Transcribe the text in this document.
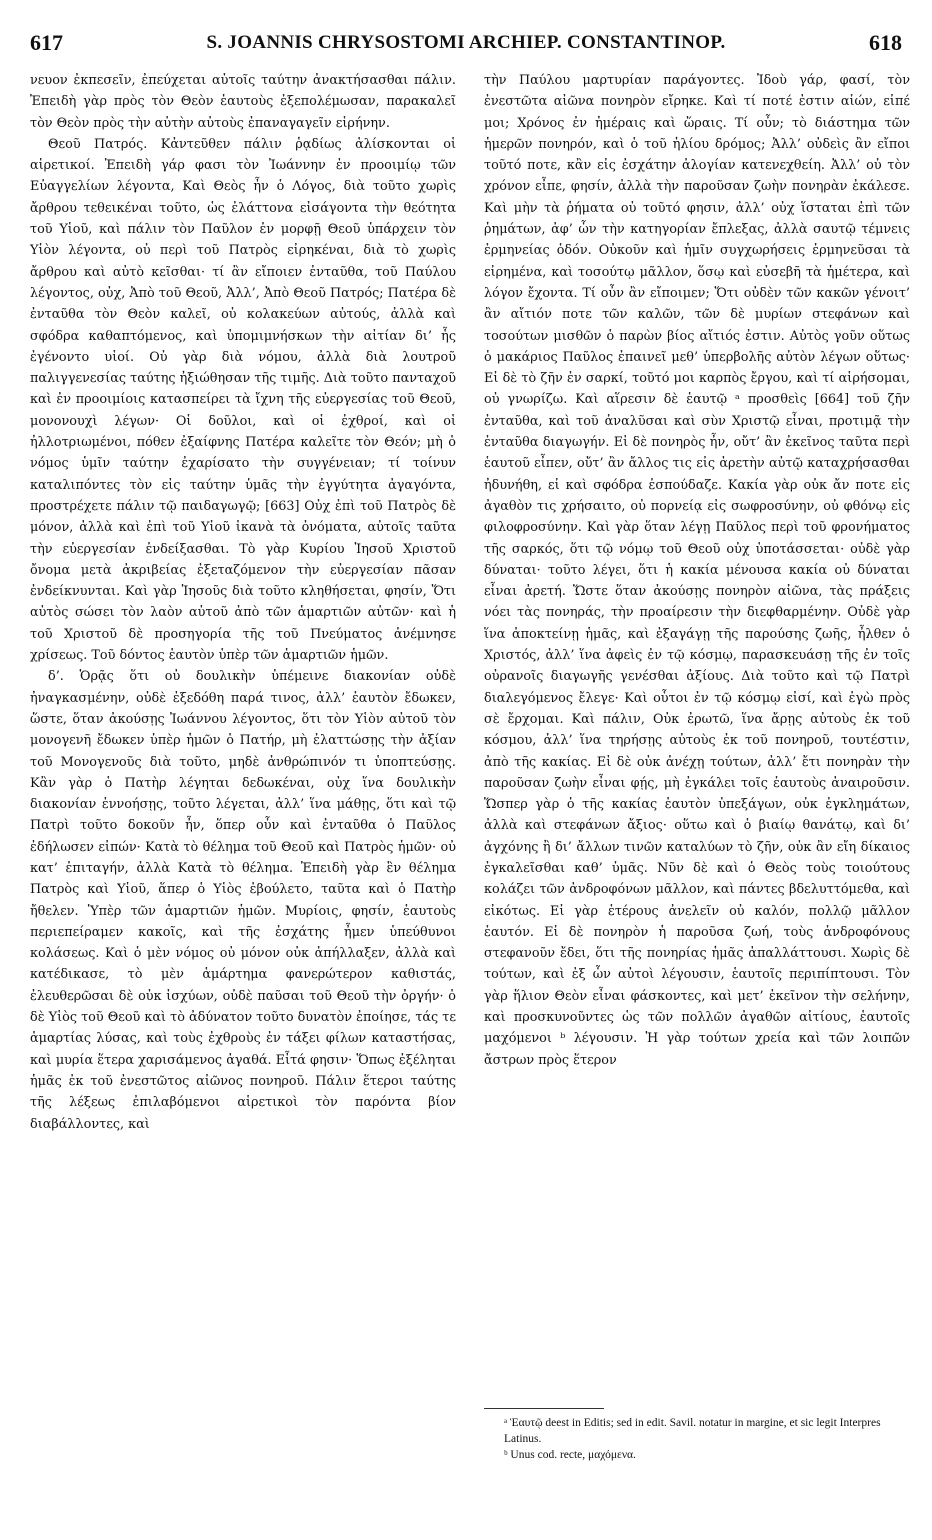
617	S. JOANNIS CHRYSOSTOMI ARCHIEP. CONSTANTINOP.	618

νευον ἐκπεσεῖν, ἐπεύχεται αὐτοῖς ταύτην ἀνακτήσασθαι πάλιν. Ἐπειδὴ γὰρ πρὸς τὸν Θεὸν ἑαυτοὺς ἐξεπολέμωσαν, παρακαλεῖ τὸν Θεὸν πρὸς τὴν αὐτὴν αὐτοὺς ἐπαναγαγεῖν εἰρήνην.

Θεοῦ Πατρός. Κἀντεῦθεν πάλιν ῥᾳδίως ἁλίσκονται οἱ αἱρετικοί. Ἐπειδὴ γάρ φασι τὸν Ἰωάννην ἐν προοιμίῳ τῶν Εὐαγγελίων λέγοντα, Καὶ Θεὸς ἦν ὁ Λόγος, διὰ τοῦτο χωρὶς ἄρθρου τεθεικέναι τοῦτο, ὡς ἐλάττονα εἰσάγοντα τὴν θεότητα τοῦ Υἱοῦ, καὶ πάλιν τὸν Παῦλον ἐν μορφῇ Θεοῦ ὑπάρχειν τὸν Υἱὸν λέγοντα, οὐ περὶ τοῦ Πατρὸς εἰρηκέναι, διὰ τὸ χωρὶς ἄρθρου καὶ αὐτὸ κεῖσθαι· τί ἂν εἴποιεν ἐνταῦθα, τοῦ Παύλου λέγοντος, οὐχ, Ἀπὸ τοῦ Θεοῦ, Ἀλλ’, Ἀπὸ Θεοῦ Πατρός; Πατέρα δὲ ἐνταῦθα τὸν Θεὸν καλεῖ, οὐ κολακεύων αὐτούς, ἀλλὰ καὶ σφόδρα καθαπτόμενος, καὶ ὑπομιμνήσκων τὴν αἰτίαν δι’ ἧς ἐγένοντο υἱοί. Οὐ γὰρ διὰ νόμου, ἀλλὰ διὰ λουτροῦ παλιγγενεσίας ταύτης ἠξιώθησαν τῆς τιμῆς. Διὰ τοῦτο πανταχοῦ καὶ ἐν προοιμίοις κατασπείρει τὰ ἴχνη τῆς εὐεργεσίας τοῦ Θεοῦ, μονονουχὶ λέγων· Οἱ δοῦλοι, καὶ οἱ ἐχθροί, καὶ οἱ ἠλλοτριωμένοι, πόθεν ἐξαίφνης Πατέρα καλεῖτε τὸν Θεόν; μὴ ὁ νόμος ὑμῖν ταύτην ἐχαρίσατο τὴν συγγένειαν; τί τοίνυν καταλιπόντες τὸν εἰς ταύτην ὑμᾶς τὴν ἐγγύτητα ἀγαγόντα, προστρέχετε πάλιν τῷ παιδαγωγῷ; [663] Οὐχ ἐπὶ τοῦ Πατρὸς δὲ μόνον, ἀλλὰ καὶ ἐπὶ τοῦ Υἱοῦ ἱκανὰ τὰ ὀνόματα, αὐτοῖς ταῦτα τὴν εὐεργεσίαν ἐνδείξασθαι. Τὸ γὰρ Κυρίου Ἰησοῦ Χριστοῦ ὄνομα μετὰ ἀκριβείας ἐξεταζόμενον τὴν εὐεργεσίαν πᾶσαν ἐνδείκνυνται. Καὶ γὰρ Ἰησοῦς διὰ τοῦτο κληθήσεται, φησίν, Ὅτι αὐτὸς σώσει τὸν λαὸν αὐτοῦ ἀπὸ τῶν ἁμαρτιῶν αὐτῶν· καὶ ἡ τοῦ Χριστοῦ δὲ προσηγορία τῆς τοῦ Πνεύματος ἀνέμνησε χρίσεως. Τοῦ δόντος ἑαυτὸν ὑπὲρ τῶν ἁμαρτιῶν ἡμῶν.

δ’. Ὁρᾷς ὅτι οὐ δουλικὴν ὑπέμεινε διακονίαν οὐδὲ ἠναγκασμένην, οὐδὲ ἐξεδόθη παρά τινος, ἀλλ’ ἑαυτὸν ἔδωκεν, ὥστε, ὅταν ἀκούσῃς Ἰωάννου λέγοντος, ὅτι τὸν Υἱὸν αὐτοῦ τὸν μονογενῆ ἔδωκεν ὑπὲρ ἡμῶν ὁ Πατήρ, μὴ ἐλαττώσῃς τὴν ἀξίαν τοῦ Μονογενοῦς διὰ τοῦτο, μηδὲ ἀνθρώπινόν τι ὑποπτεύσῃς. Κἂν γὰρ ὁ Πατὴρ λέγηται δεδωκέναι, οὐχ ἵνα δουλικὴν διακονίαν ἐννοήσῃς, τοῦτο λέγεται, ἀλλ’ ἵνα μάθῃς, ὅτι καὶ τῷ Πατρὶ τοῦτο δοκοῦν ἦν, ὅπερ οὖν καὶ ἐνταῦθα ὁ Παῦλος ἐδήλωσεν εἰπών· Κατὰ τὸ θέλημα τοῦ Θεοῦ καὶ Πατρὸς ἡμῶν· οὐ κατ’ ἐπιταγήν, ἀλλὰ Κατὰ τὸ θέλημα. Ἐπειδὴ γὰρ ἓν θέλημα Πατρὸς καὶ Υἱοῦ, ἅπερ ὁ Υἱὸς ἐβούλετο, ταῦτα καὶ ὁ Πατὴρ ἤθελεν. Ὑπὲρ τῶν ἁμαρτιῶν ἡμῶν. Μυρίοις, φησίν, ἑαυτοὺς περιεπείραμεν κακοῖς, καὶ τῆς ἐσχάτης ἦμεν ὑπεύθυνοι κολάσεως. Καὶ ὁ μὲν νόμος οὐ μόνον οὐκ ἀπήλλαξεν, ἀλλὰ καὶ κατέδικασε, τὸ μὲν ἁμάρτημα φανερώτερον καθιστάς, ἐλευθερῶσαι δὲ οὐκ ἰσχύων, οὐδὲ παῦσαι τοῦ Θεοῦ τὴν ὀργήν· ὁ δὲ Υἱὸς τοῦ Θεοῦ καὶ τὸ ἀδύνατον τοῦτο δυνατὸν ἐποίησε, τάς τε ἁμαρτίας λύσας, καὶ τοὺς ἐχθροὺς ἐν τάξει φίλων καταστήσας, καὶ μυρία ἕτερα χαρισάμενος ἀγαθά. Εἶτά φησιν· Ὅπως ἐξέληται ἡμᾶς ἐκ τοῦ ἐνεστῶτος αἰῶνος πονηροῦ. Πάλιν ἕτεροι ταύτης τῆς λέξεως ἐπιλαβόμενοι αἱρετικοὶ τὸν παρόντα βίον διαβάλλοντες, καὶ

τὴν Παύλου μαρτυρίαν παράγοντες. Ἰδοὺ γάρ, φασί, τὸν ἐνεστῶτα αἰῶνα πονηρὸν εἴρηκε. Καὶ τί ποτέ ἐστιν αἰών, εἰπέ μοι; Χρόνος ἐν ἡμέραις καὶ ὥραις. Τί οὖν; τὸ διάστημα τῶν ἡμερῶν πονηρόν, καὶ ὁ τοῦ ἡλίου δρόμος; Ἀλλ’ οὐδεὶς ἂν εἴποι τοῦτό ποτε, κἂν εἰς ἐσχάτην ἀλογίαν κατενεχθείη. Ἀλλ’ οὐ τὸν χρόνον εἶπε, φησίν, ἀλλὰ τὴν παροῦσαν ζωὴν πονηρὰν ἐκάλεσε. Καὶ μὴν τὰ ῥήματα οὐ τοῦτό φησιν, ἀλλ’ οὐχ ἵσταται ἐπὶ τῶν ῥημάτων, ἀφ’ ὧν τὴν κατηγορίαν ἔπλεξας, ἀλλὰ σαυτῷ τέμνεις ἑρμηνείας ὁδόν. Οὐκοῦν καὶ ἡμῖν συγχωρήσεις ἑρμηνεῦσαι τὰ εἰρημένα, καὶ τοσούτῳ μᾶλλον, ὅσῳ καὶ εὐσεβῆ τὰ ἡμέτερα, καὶ λόγον ἔχοντα. Τί οὖν ἂν εἴποιμεν; Ὅτι οὐδὲν τῶν κακῶν γένοιτ’ ἂν αἴτιόν ποτε τῶν καλῶν, τῶν δὲ μυρίων στεφάνων καὶ τοσούτων μισθῶν ὁ παρὼν βίος αἴτιός ἐστιν. Αὐτὸς γοῦν οὕτως ὁ μακάριος Παῦλος ἐπαινεῖ μεθ’ ὑπερβολῆς αὐτὸν λέγων οὕτως· Εἰ δὲ τὸ ζῆν ἐν σαρκί, τοῦτό μοι καρπὸς ἔργου, καὶ τί αἱρήσομαι, οὐ γνωρίζω. Καὶ αἵρεσιν δὲ ἑαυτῷ ᵃ προσθεὶς [664] τοῦ ζῆν ἐνταῦθα, καὶ τοῦ ἀναλῦσαι καὶ σὺν Χριστῷ εἶναι, προτιμᾷ τὴν ἐνταῦθα διαγωγήν. Εἰ δὲ πονηρὸς ἦν, οὔτ’ ἂν ἐκεῖνος ταῦτα περὶ ἑαυτοῦ εἶπεν, οὔτ’ ἂν ἄλλος τις εἰς ἀρετὴν αὐτῷ καταχρήσασθαι ἠδυνήθη, εἰ καὶ σφόδρα ἐσπούδαζε. Κακία γὰρ οὐκ ἄν ποτε εἰς ἀγαθὸν τις χρήσαιτο, οὐ πορνείᾳ εἰς σωφροσύνην, οὐ φθόνῳ εἰς φιλοφροσύνην. Καὶ γὰρ ὅταν λέγῃ Παῦλος περὶ τοῦ φρονήματος τῆς σαρκός, ὅτι τῷ νόμῳ τοῦ Θεοῦ οὐχ ὑποτάσσεται· οὐδὲ γὰρ δύναται· τοῦτο λέγει, ὅτι ἡ κακία μένουσα κακία οὐ δύναται εἶναι ἀρετή. Ὥστε ὅταν ἀκούσῃς πονηρὸν αἰῶνα, τὰς πράξεις νόει τὰς πονηράς, τὴν προαίρεσιν τὴν διεφθαρμένην. Οὐδὲ γὰρ ἵνα ἀποκτείνῃ ἡμᾶς, καὶ ἐξαγάγῃ τῆς παρούσης ζωῆς, ἦλθεν ὁ Χριστός, ἀλλ’ ἵνα ἀφεὶς ἐν τῷ κόσμῳ, παρασκευάσῃ τῆς ἐν τοῖς οὐρανοῖς διαγωγῆς γενέσθαι ἀξίους. Διὰ τοῦτο καὶ τῷ Πατρὶ διαλεγόμενος ἔλεγε· Καὶ οὗτοι ἐν τῷ κόσμῳ εἰσί, καὶ ἐγὼ πρὸς σὲ ἔρχομαι. Καὶ πάλιν, Οὐκ ἐρωτῶ, ἵνα ἄρῃς αὐτοὺς ἐκ τοῦ κόσμου, ἀλλ’ ἵνα τηρήσῃς αὐτοὺς ἐκ τοῦ πονηροῦ, τουτέστιν, ἀπὸ τῆς κακίας. Εἰ δὲ οὐκ ἀνέχῃ τούτων, ἀλλ’ ἔτι πονηρὰν τὴν παροῦσαν ζωὴν εἶναι φῄς, μὴ ἐγκάλει τοῖς ἑαυτοὺς ἀναιροῦσιν. Ὥσπερ γὰρ ὁ τῆς κακίας ἑαυτὸν ὑπεξάγων, οὐκ ἐγκλημάτων, ἀλλὰ καὶ στεφάνων ἄξιος· οὕτω καὶ ὁ βιαίῳ θανάτῳ, καὶ δι’ ἀγχόνης ἢ δι’ ἄλλων τινῶν καταλύων τὸ ζῆν, οὐκ ἂν εἴη δίκαιος ἐγκαλεῖσθαι καθ’ ὑμᾶς. Νῦν δὲ καὶ ὁ Θεὸς τοὺς τοιούτους κολάζει τῶν ἀνδροφόνων μᾶλλον, καὶ πάντες βδελυττόμεθα, καὶ εἰκότως. Εἰ γὰρ ἑτέρους ἀνελεῖν οὐ καλόν, πολλῷ μᾶλλον ἑαυτόν. Εἰ δὲ πονηρὸν ἡ παροῦσα ζωή, τοὺς ἀνδροφόνους στεφανοῦν ἔδει, ὅτι τῆς πονηρίας ἡμᾶς ἀπαλλάττουσι. Χωρὶς δὲ τούτων, καὶ ἐξ ὧν αὐτοὶ λέγουσιν, ἑαυτοῖς περιπίπτουσι. Τὸν γὰρ ἥλιον Θεὸν εἶναι φάσκοντες, καὶ μετ’ ἐκεῖνον τὴν σελήνην, καὶ προσκυνοῦντες ὡς τῶν πολλῶν ἀγαθῶν αἰτίους, ἑαυτοῖς μαχόμενοι ᵇ λέγουσιν. Ἡ γὰρ τούτων χρεία καὶ τῶν λοιπῶν ἄστρων πρὸς ἕτερον

ᵃ Ἑαυτῷ deest in Editis; sed in edit. Savil. notatur in margine, et sic legit Interpres Latinus.
ᵇ Unus cod. recte, μαχόμενα.
